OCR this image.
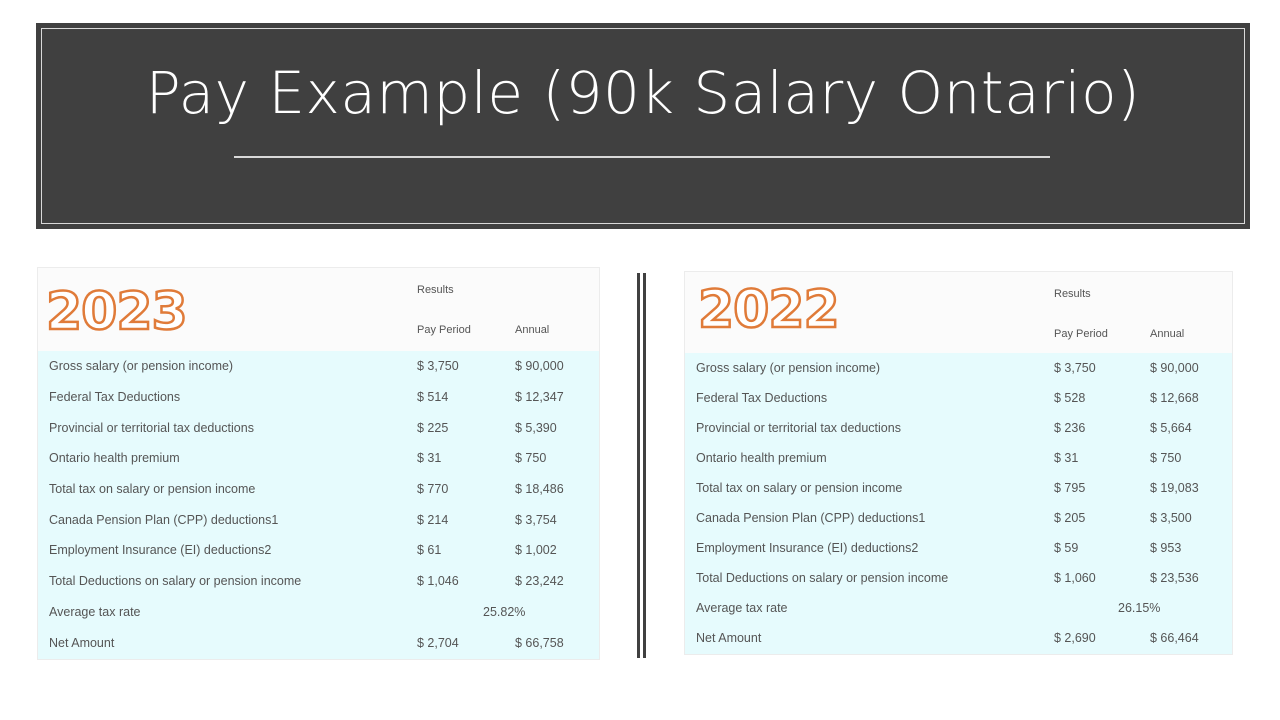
Pay Example (90k Salary Ontario)
2023	Results
Pay Period	Annual
Gross salary (or pension income)	$ 3,750	$ 90,000
Federal Tax Deductions	$ 514	$ 12,347
Provincial or territorial tax deductions	$ 225	$ 5,390
Ontario health premium	$ 31	$ 750
Total tax on salary or pension income	$ 770	$ 18,486
Canada Pension Plan (CPP) deductions1	$ 214	$ 3,754
Employment Insurance (EI) deductions2	$ 61	$ 1,002
Total Deductions on salary or pension income	$ 1,046	$ 23,242
Average tax rate	25.82%
Net Amount	$ 2,704	$ 66,758
2022	Results
Pay Period	Annual
Gross salary (or pension income)	$ 3,750	$ 90,000
Federal Tax Deductions	$ 528	$ 12,668
Provincial or territorial tax deductions	$ 236	$ 5,664
Ontario health premium	$ 31	$ 750
Total tax on salary or pension income	$ 795	$ 19,083
Canada Pension Plan (CPP) deductions1	$ 205	$ 3,500
Employment Insurance (EI) deductions2	$ 59	$ 953
Total Deductions on salary or pension income	$ 1,060	$ 23,536
Average tax rate	26.15%
Net Amount	$ 2,690	$ 66,464
